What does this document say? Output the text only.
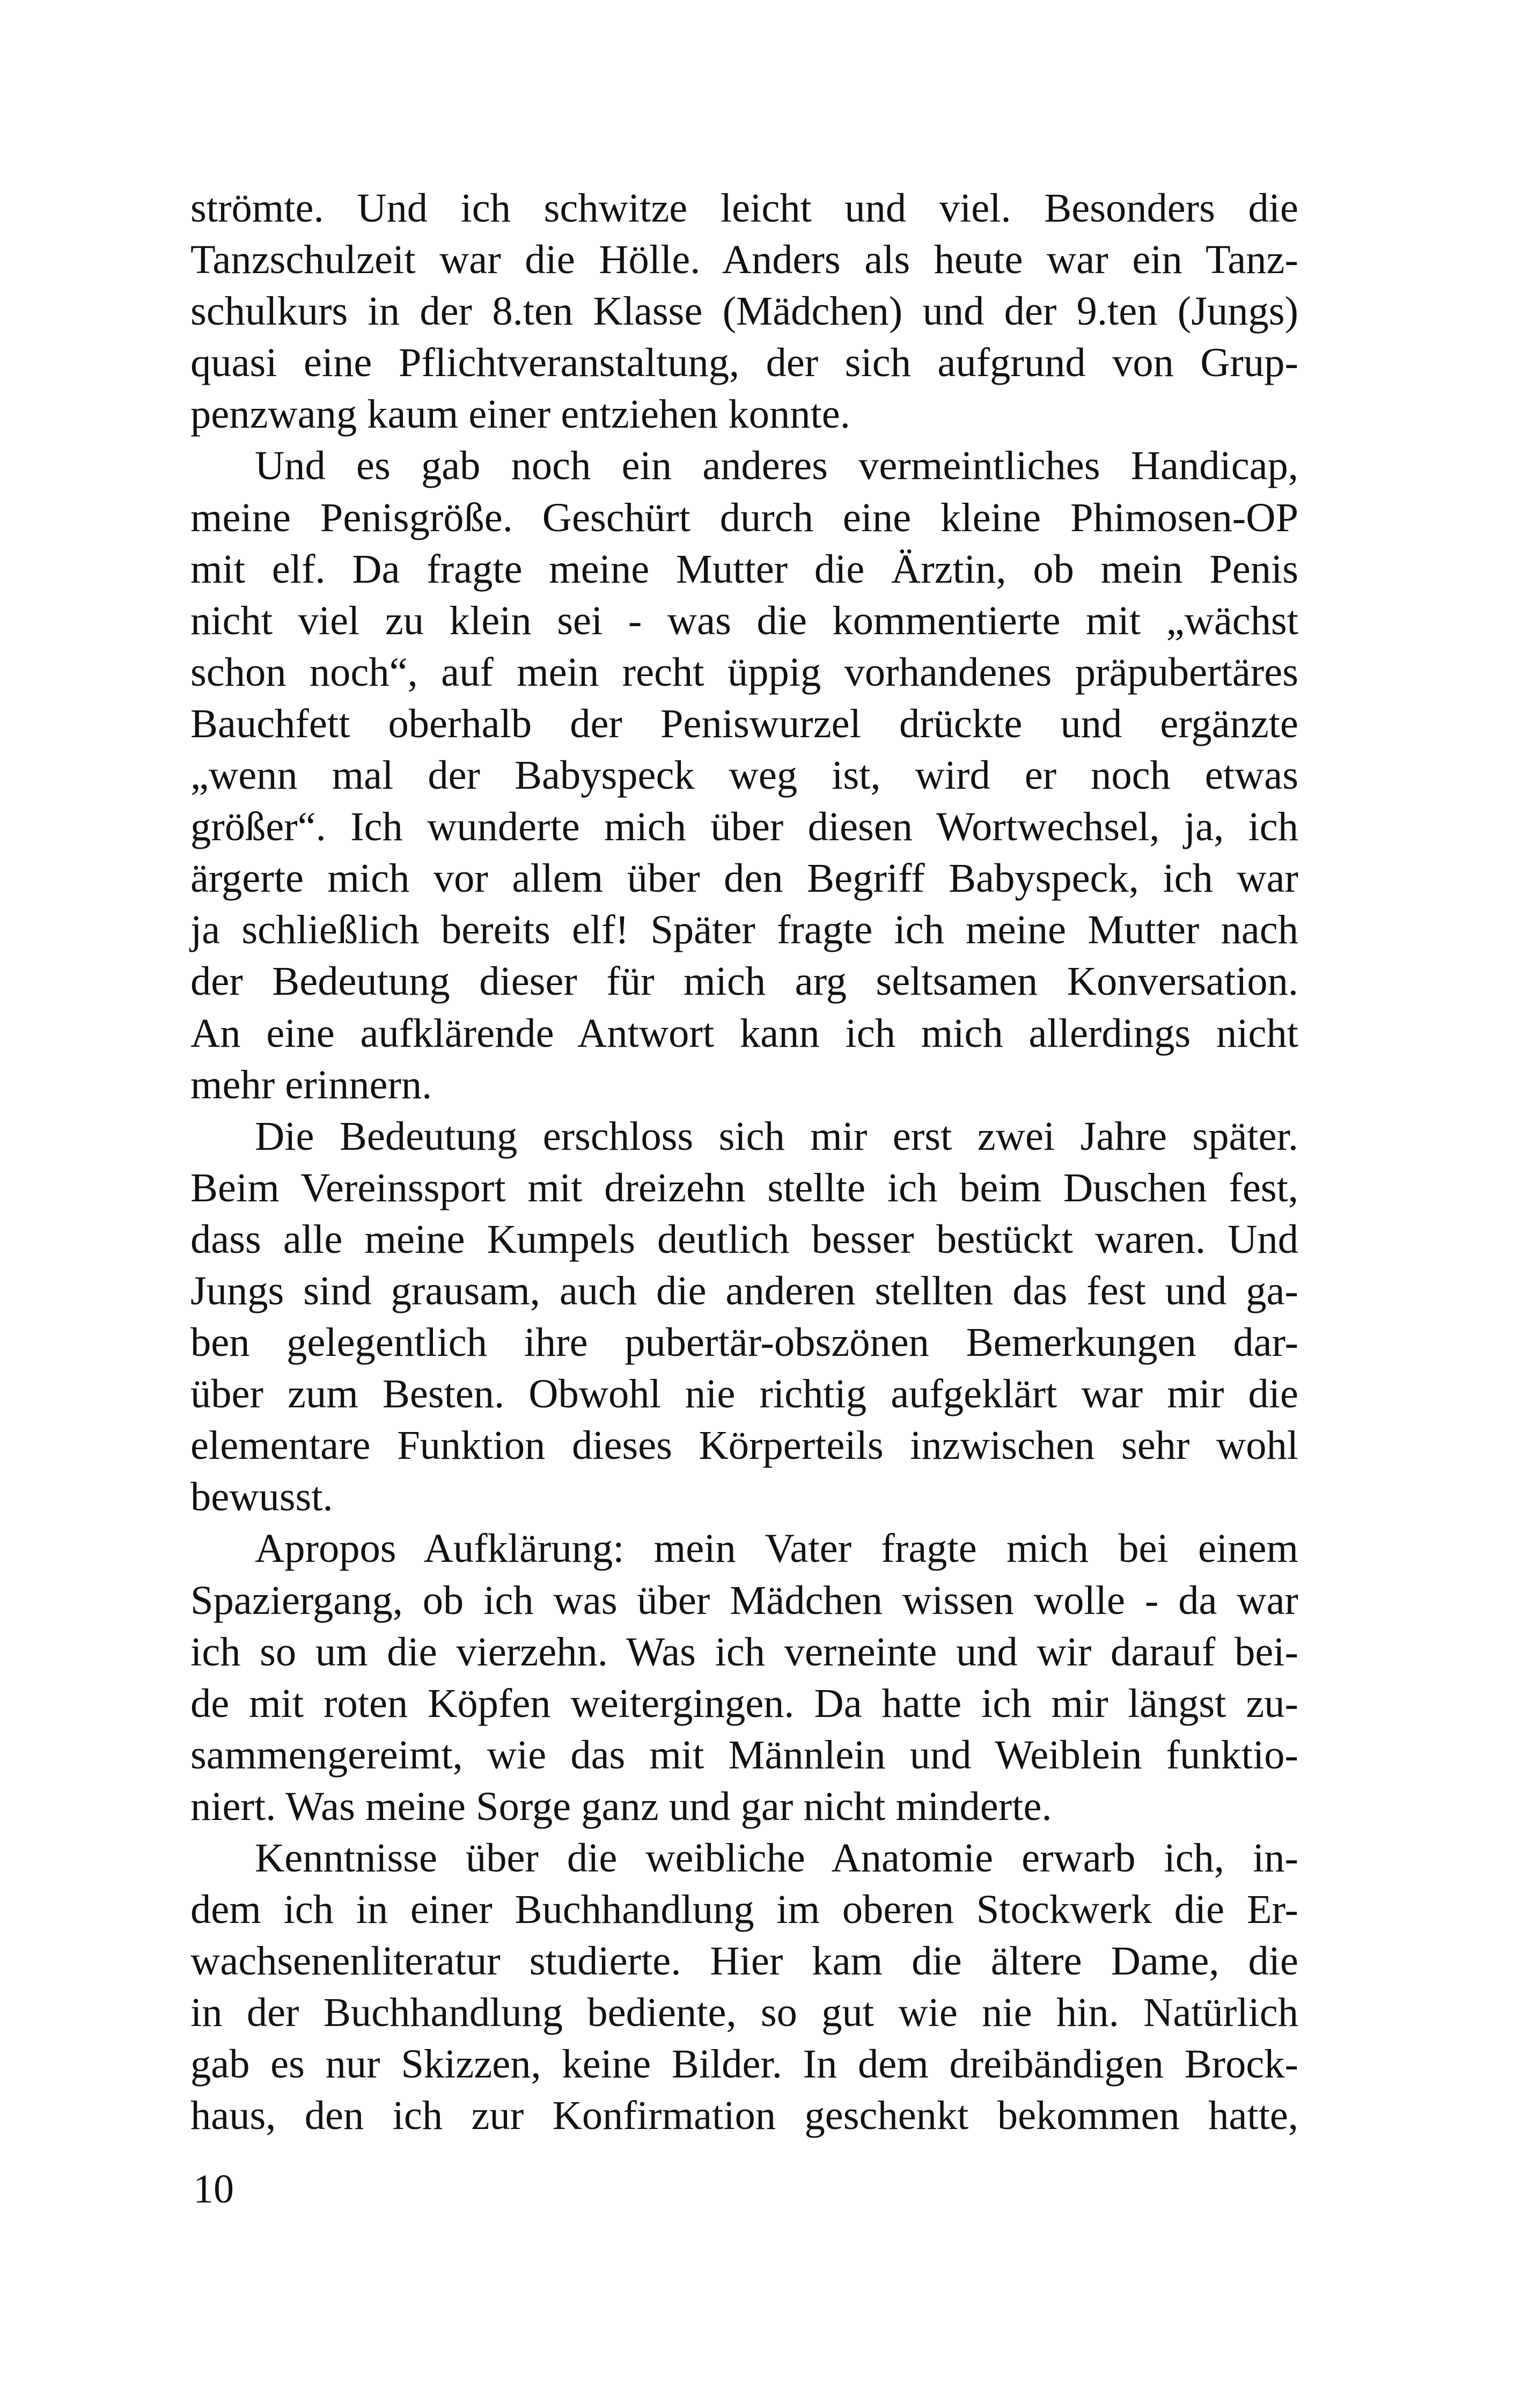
strömte. Und ich schwitze leicht und viel. Besonders die
Tanzschulzeit war die Hölle. Anders als heute war ein Tanz-
schulkurs in der 8.ten Klasse (Mädchen) und der 9.ten (Jungs)
quasi eine Pflichtveranstaltung, der sich aufgrund von Grup-
penzwang kaum einer entziehen konnte.
Und es gab noch ein anderes vermeintliches Handicap,
meine Penisgröße. Geschürt durch eine kleine Phimosen-OP
mit elf. Da fragte meine Mutter die Ärztin, ob mein Penis
nicht viel zu klein sei - was die kommentierte mit „wächst
schon noch“, auf mein recht üppig vorhandenes präpubertäres
Bauchfett oberhalb der Peniswurzel drückte und ergänzte
„wenn mal der Babyspeck weg ist, wird er noch etwas
größer“. Ich wunderte mich über diesen Wortwechsel, ja, ich
ärgerte mich vor allem über den Begriff Babyspeck, ich war
ja schließlich bereits elf! Später fragte ich meine Mutter nach
der Bedeutung dieser für mich arg seltsamen Konversation.
An eine aufklärende Antwort kann ich mich allerdings nicht
mehr erinnern.
Die Bedeutung erschloss sich mir erst zwei Jahre später.
Beim Vereinssport mit dreizehn stellte ich beim Duschen fest,
dass alle meine Kumpels deutlich besser bestückt waren. Und
Jungs sind grausam, auch die anderen stellten das fest und ga-
ben gelegentlich ihre pubertär-obszönen Bemerkungen dar-
über zum Besten. Obwohl nie richtig aufgeklärt war mir die
elementare Funktion dieses Körperteils inzwischen sehr wohl
bewusst.
Apropos Aufklärung: mein Vater fragte mich bei einem
Spaziergang, ob ich was über Mädchen wissen wolle - da war
ich so um die vierzehn. Was ich verneinte und wir darauf bei-
de mit roten Köpfen weitergingen. Da hatte ich mir längst zu-
sammengereimt, wie das mit Männlein und Weiblein funktio-
niert. Was meine Sorge ganz und gar nicht minderte.
Kenntnisse über die weibliche Anatomie erwarb ich, in-
dem ich in einer Buchhandlung im oberen Stockwerk die Er-
wachsenenliteratur studierte. Hier kam die ältere Dame, die
in der Buchhandlung bediente, so gut wie nie hin. Natürlich
gab es nur Skizzen, keine Bilder. In dem dreibändigen Brock-
haus, den ich zur Konfirmation geschenkt bekommen hatte,
10
